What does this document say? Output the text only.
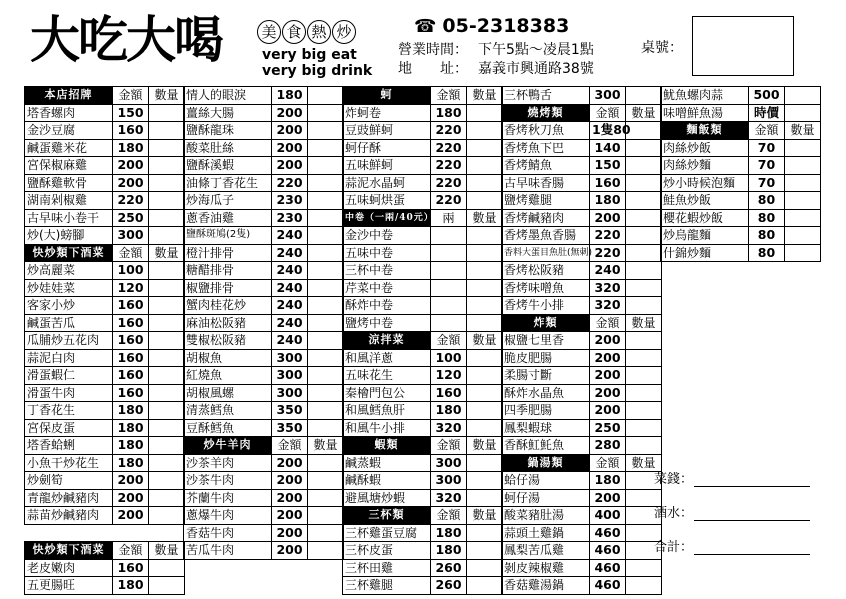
大吃大喝	美 食 熱 炒
very big eat
very big drink
☎ 05-2318383
營業時間： 下午5點～凌晨1點
地　　址： 嘉義市興通路38號
桌號：
本店招牌	金額	數量
塔香螺肉	150	
金沙豆腐	160	
鹹蛋雞米花	180	
宮保椒麻雞	200	
鹽酥雞軟骨	200	
湖南剁椒雞	220	
古早味小卷干	250	
炒(大)螃腳	300	
快炒類下酒菜	金額	數量
炒高麗菜	100	
炒娃娃菜	120	
客家小炒	160	
鹹蛋苦瓜	160	
瓜脯炒五花肉	160	
蒜泥白肉	160	
滑蛋蝦仁	160	
滑蛋牛肉	160	
丁香花生	180	
宮保皮蛋	180	
塔香蛤蜊	180	
小魚干炒花生	180	
炒劍筍	200	
青龍炒鹹豬肉	200	
蒜苗炒鹹豬肉	200	

快炒類下酒菜	金額	數量
老皮嫩肉	160	
五更腸旺	180	
情人的眼淚	180	
薑絲大腸	200	
鹽酥龍珠	200	
酸菜肚絲	200	
鹽酥溪蝦	200	
油條丁香花生	220	
炒海瓜子	230	
蔥香油雞	230	
鹽酥斑鳩(2隻)	240	
橙汁排骨	240	
糖醋排骨	240	
椒鹽排骨	240	
蟹肉桂花炒	240	
麻油松阪豬	240	
雙椒松阪豬	240	
胡椒魚	300	
紅燒魚	300	
胡椒風螺	300	
清蒸鱈魚	350	
豆酥鱈魚	350	
炒牛羊肉	金額	數量
沙茶羊肉	200	
沙茶牛肉	200	
芥蘭牛肉	200	
蔥爆牛肉	200	
香菇牛肉	200	
苦瓜牛肉	200	
蚵	金額	數量
炸蚵卷	180	
豆豉鮮蚵	220	
蚵仔酥	220	
五味鮮蚵	220	
蒜泥水晶蚵	220	
五味蚵烘蛋	220	
中卷（一兩/40元）	兩	數量
金沙中卷		
五味中卷		
三杯中卷		
芹菜中卷		
酥炸中卷		
鹽烤中卷		
涼拌菜	金額	數量
和風洋蔥	100	
五味花生	120	
秦檜門包公	160	
和風鱈魚肝	180	
和風牛小排	320	
蝦類	金額	數量
鹹蒸蝦	300	
鹹酥蝦	300	
避風塘炒蝦	320	
三杯類	金額	數量
三杯雞蛋豆腐	180	
三杯皮蛋	180	
三杯田雞	260	
三杯雞腿	260	
三杯鴨舌	300	
燒烤類	金額	數量
香烤秋刀魚	1隻80	
香烤魚下巴	140	
香烤鯖魚	150	
古早味香腸	160	
鹽烤雞腿	180	
香烤鹹豬肉	200	
香烤墨魚香腸	220	
香料大蛋目魚肚(無刺)	220	
香烤松阪豬	240	
香烤味噌魚	320	
香烤牛小排	320	
炸類	金額	數量
椒鹽七里香	200	
脆皮肥腸	200	
柔腸寸斷	200	
酥炸水晶魚	200	
四季肥腸	200	
鳳梨蝦球	250	
香酥魟魠魚	280	
鍋湯類	金額	數量
蛤仔湯	180	
蚵仔湯	200	
酸菜豬肚湯	400	
蒜頭土雞鍋	460	
鳳梨苦瓜雞	460	
剝皮辣椒雞	460	
香菇雞湯鍋	460	
魷魚螺肉蒜	500	
味噌鮮魚湯	時價	
麵飯類	金額	數量
肉絲炒飯	70	
肉絲炒麵	70	
炒小時候泡麵	70	
鮭魚炒飯	80	
櫻花蝦炒飯	80	
炒烏龍麵	80	
什錦炒麵	80	
菜錢：
酒水：
合計：
